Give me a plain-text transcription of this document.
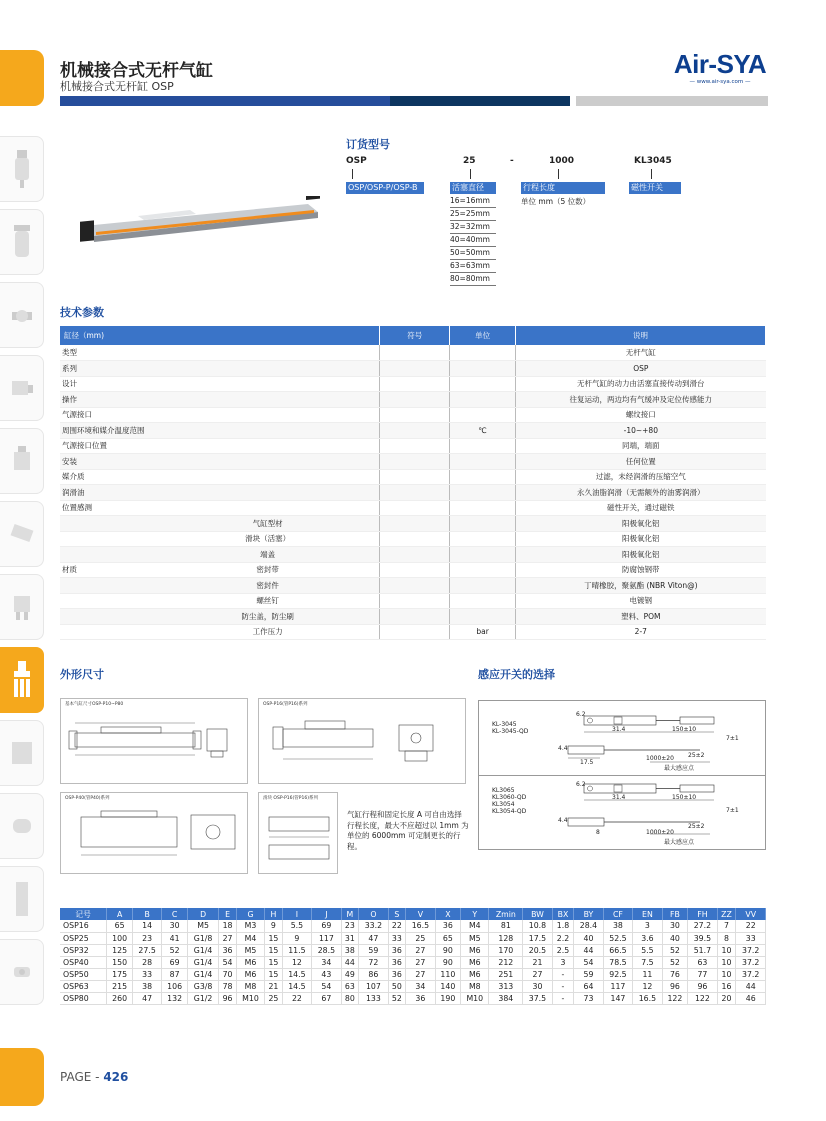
机械接合式无杆气缸
机械接合式无杆缸 OSP
Air-SYA
— www.air-sya.com —
订货型号
OSP	25	-	1000	KL3045
OSP/OSP-P/OSP-B	活塞直径	行程长度	磁性开关
16=16mm
25=25mm
32=32mm
40=40mm
50=50mm
63=63mm
80=80mm
单位 mm（5 位数）
技术参数
缸径（mm)		符号	单位	说明
类型				无杆气缸
系列				OSP
设计				无杆气缸的动力由活塞直接传动到滑台
操作				往复运动，两边均有气缓冲及定位传感能力
气源接口				螺纹接口
周围环境和媒介温度范围			℃	-10~+80
气源接口位置				同端，端面
安装				任何位置
媒介质				过滤，未经润滑的压缩空气
润滑油				永久油脂润滑（无需额外的油雾润滑）
位置感测				磁性开关，通过磁铁
	气缸型材			阳极氧化铝
	滑块（活塞）			阳极氧化铝
	端盖			阳极氧化铝
材质	密封带			防腐蚀钢带
	密封件			丁晴橡胶，聚氨酯 (NBR Viton@)
	螺丝钉			电镀钢
	防尘盖，防尘刷			塑料、POM
	工作压力		bar	2-7
外形尺寸
基本气缸尺寸OSP-P10~P80	OSP-P16(管P16)系列
OSP-P40(管P40)系列	滑块 OSP-P16(管P16)系列
气缸行程和固定长度 A 可自由选择行程长度，最大不应超过以 1mm 为单位的 6000mm 可定制更长的行程。
感应开关的选择
KL-3045
KL-3045-QD
KL3065
KL3060-QD
KL3054
KL3054-QD
6.2
31.4	150±10
7±1
4.4
17.5
25±2
1000±20
最大感应点
6.2
31.4	150±10
7±1
4.4
8
25±2
1000±20
最大感应点
记号	A	B	C	D	E	G	H	I	J	M	O	S	V	X	Y	Zmin	BW	BX	BY	CF	EN	FB	FH	ZZ	VV
OSP16	65	14	30	M5	18	M3	9	5.5	69	23	33.2	22	16.5	36	M4	81	10.8	1.8	28.4	38	3	30	27.2	7	22
OSP25	100	23	41	G1/8	27	M4	15	9	117	31	47	33	25	65	M5	128	17.5	2.2	40	52.5	3.6	40	39.5	8	33
OSP32	125	27.5	52	G1/4	36	M5	15	11.5	28.5	38	59	36	27	90	M6	170	20.5	2.5	44	66.5	5.5	52	51.7	10	37.2
OSP40	150	28	69	G1/4	54	M6	15	12	34	44	72	36	27	90	M6	212	21	3	54	78.5	7.5	52	63	10	37.2
OSP50	175	33	87	G1/4	70	M6	15	14.5	43	49	86	36	27	110	M6	251	27	-	59	92.5	11	76	77	10	37.2
OSP63	215	38	106	G3/8	78	M8	21	14.5	54	63	107	50	34	140	M8	313	30	-	64	117	12	96	96	16	44
OSP80	260	47	132	G1/2	96	M10	25	22	67	80	133	52	36	190	M10	384	37.5	-	73	147	16.5	122	122	20	46
PAGE - 426
